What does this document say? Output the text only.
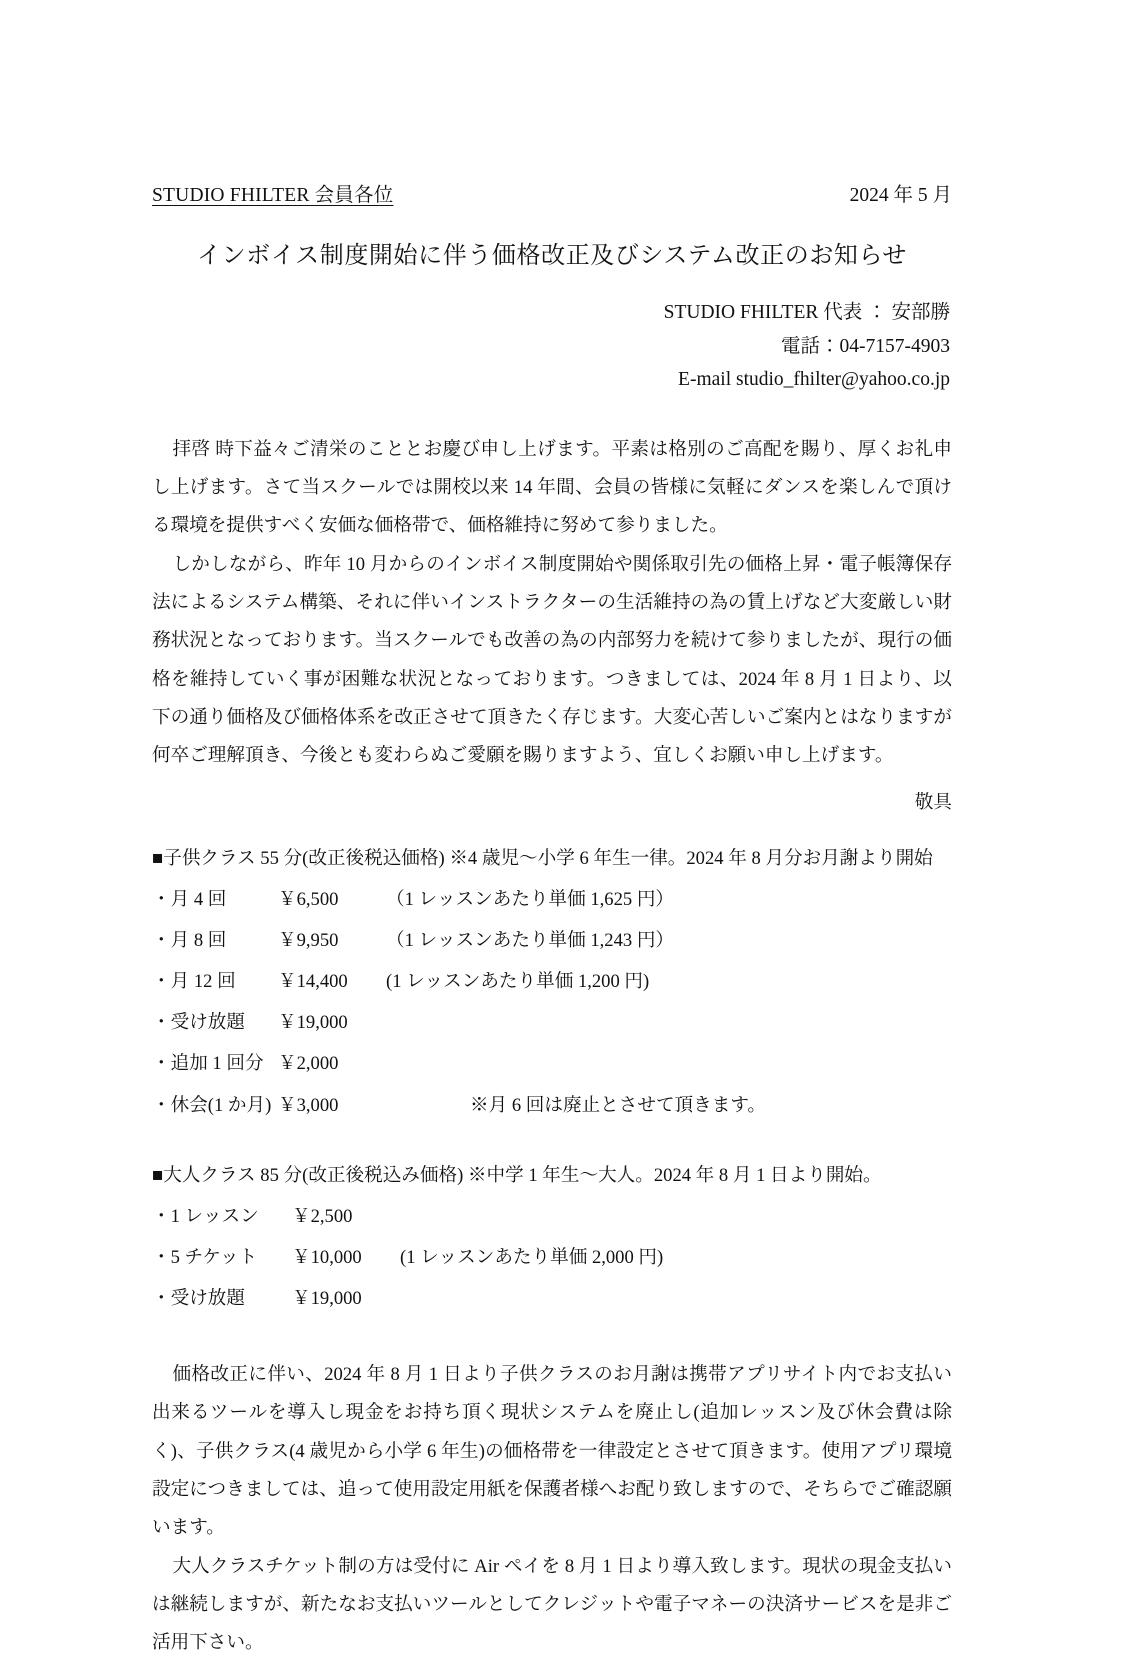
STUDIO FHILTER 会員各位	2024 年 5 月
インボイス制度開始に伴う価格改正及びシステム改正のお知らせ
STUDIO FHILTER 代表 ： 安部勝
電話：04-7157-4903
E-mail studio_fhilter@yahoo.co.jp

拝啓 時下益々ご清栄のこととお慶び申し上げます。平素は格別のご高配を賜り、厚くお礼申し上げます。さて当スクールでは開校以来 14 年間、会員の皆様に気軽にダンスを楽しんで頂ける環境を提供すべく安価な価格帯で、価格維持に努めて参りました。

しかしながら、昨年 10 月からのインボイス制度開始や関係取引先の価格上昇・電子帳簿保存法によるシステム構築、それに伴いインストラクターの生活維持の為の賃上げなど大変厳しい財務状況となっております。当スクールでも改善の為の内部努力を続けて参りましたが、現行の価格を維持していく事が困難な状況となっております。つきましては、2024 年 8 月 1 日より、以下の通り価格及び価格体系を改正させて頂きたく存じます。大変心苦しいご案内とはなりますが何卒ご理解頂き、今後とも変わらぬご愛願を賜りますよう、宜しくお願い申し上げます。

敬具
■子供クラス 55 分(改正後税込価格) ※4 歳児～小学 6 年生一律。2024 年 8 月分お月謝より開始
・月 4 回	￥6,500	（1 レッスンあたり単価 1,625 円）
・月 8 回	￥9,950	（1 レッスンあたり単価 1,243 円）
・月 12 回	￥14,400	(1 レッスンあたり単価 1,200 円)
・受け放題	￥19,000
・追加 1 回分 ￥2,000
・休会(1 か月) ￥3,000	※月 6 回は廃止とさせて頂きます。
■大人クラス 85 分(改正後税込み価格) ※中学 1 年生～大人。2024 年 8 月 1 日より開始。
・1 レッスン	￥2,500
・5 チケット	￥10,000	(1 レッスンあたり単価 2,000 円)
・受け放題	￥19,000

価格改正に伴い、2024 年 8 月 1 日より子供クラスのお月謝は携帯アプリサイト内でお支払い出来るツールを導入し現金をお持ち頂く現状システムを廃止し(追加レッスン及び休会費は除く)、子供クラス(4 歳児から小学 6 年生)の価格帯を一律設定とさせて頂きます。使用アプリ環境設定につきましては、追って使用設定用紙を保護者様へお配り致しますので、そちらでご確認願います。

大人クラスチケット制の方は受付に Air ペイを 8 月 1 日より導入致します。現状の現金支払いは継続しますが、新たなお支払いツールとしてクレジットや電子マネーの決済サービスを是非ご活用下さい。
